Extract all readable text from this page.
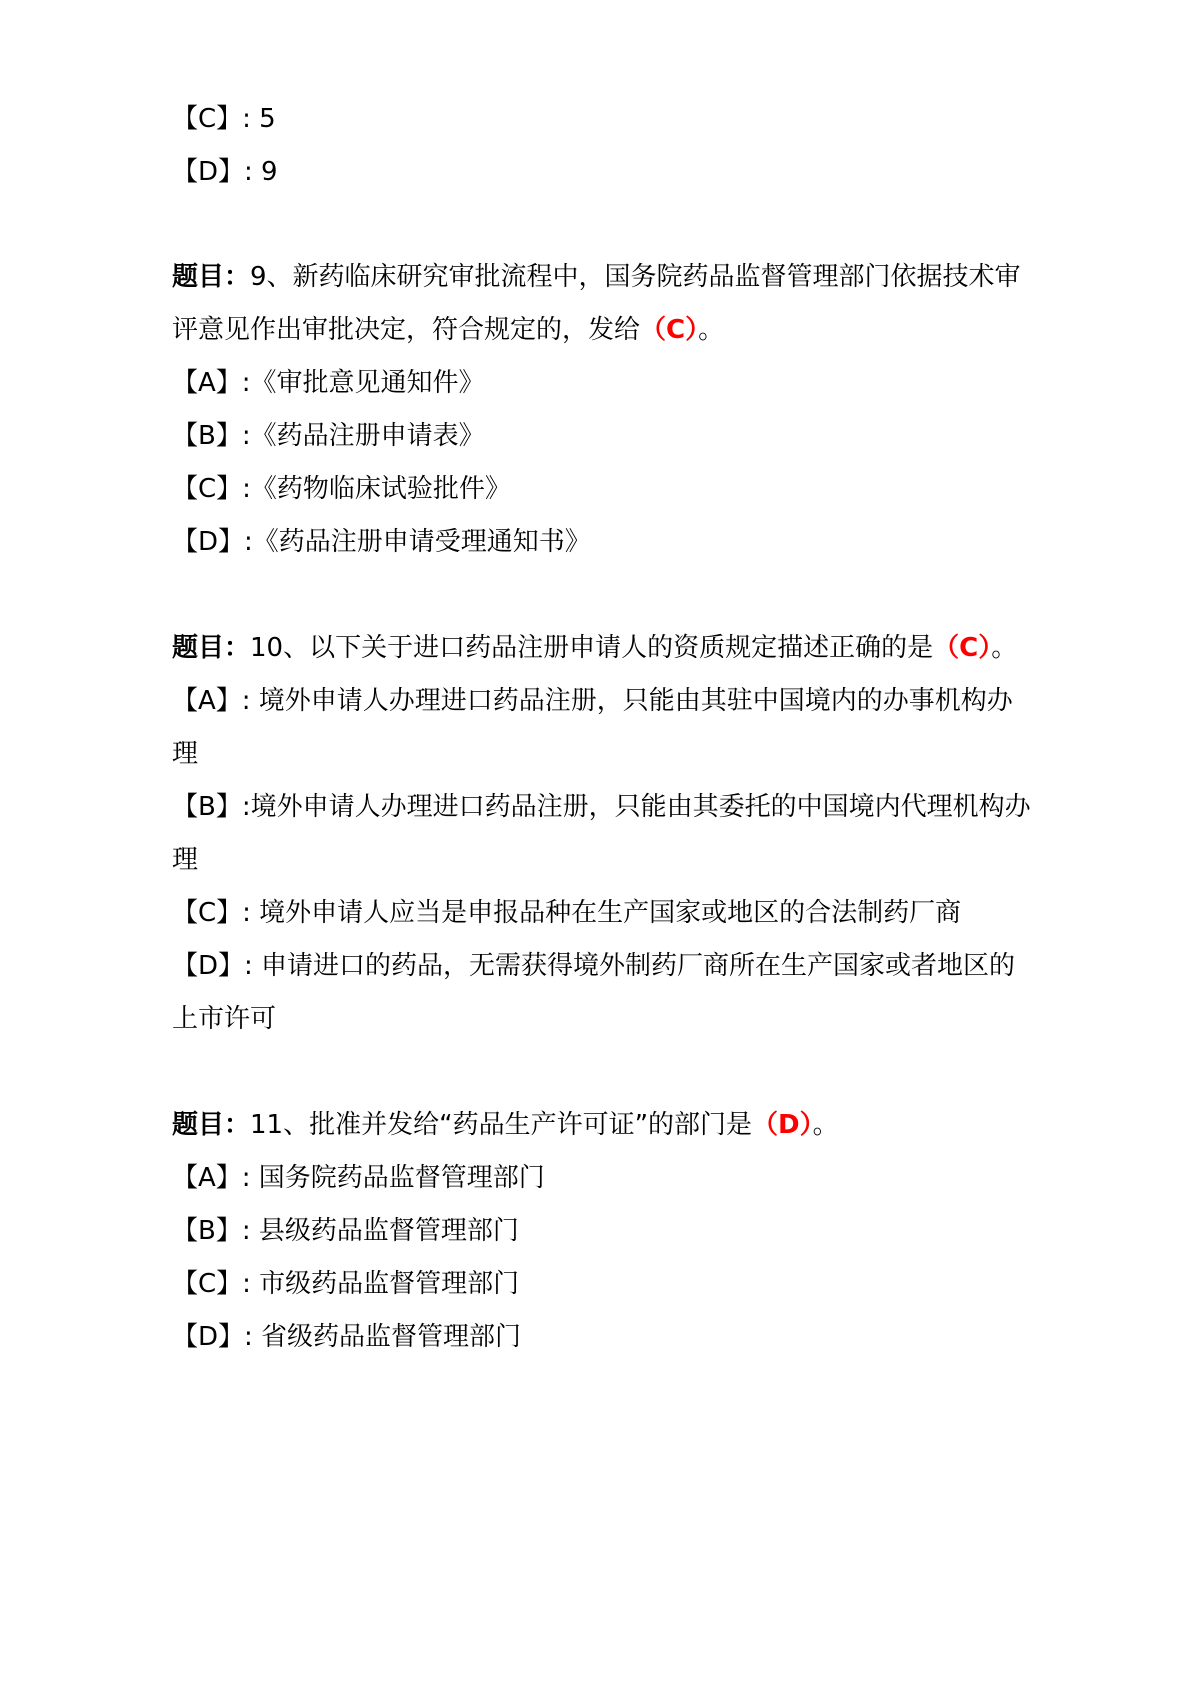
【C】: 5
【D】: 9
题目：9、新药临床研究审批流程中，国务院药品监督管理部门依据技术审
评意见作出审批决定，符合规定的，发给（C）。
【A】:《审批意见通知件》
【B】:《药品注册申请表》
【C】:《药物临床试验批件》
【D】:《药品注册申请受理通知书》
题目：10、以下关于进口药品注册申请人的资质规定描述正确的是（C）。
【A】: 境外申请人办理进口药品注册，只能由其驻中国境内的办事机构办
理
【B】:境外申请人办理进口药品注册，只能由其委托的中国境内代理机构办
理
【C】: 境外申请人应当是申报品种在生产国家或地区的合法制药厂商
【D】: 申请进口的药品，无需获得境外制药厂商所在生产国家或者地区的
上市许可
题目：11、批准并发给“药品生产许可证”的部门是（D）。
【A】: 国务院药品监督管理部门
【B】: 县级药品监督管理部门
【C】: 市级药品监督管理部门
【D】: 省级药品监督管理部门
